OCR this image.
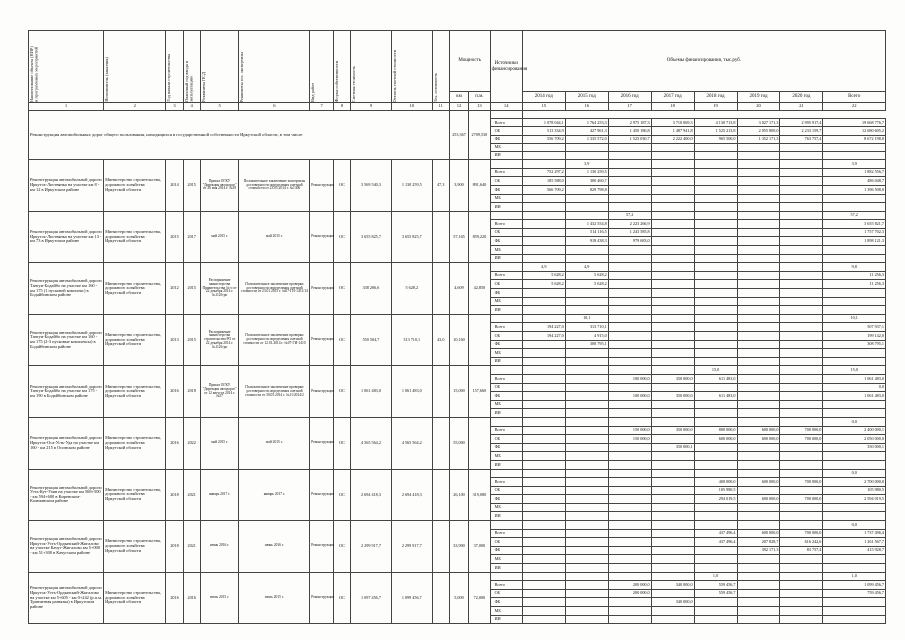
Наименование объекта (НИР) и программных мероприятий	Исполнитель (заказчик)	Год начала строительства	Плановый год ввода в эксплуатацию	Реквизиты ПСД	Реквизиты гос. экспертизы	Вид работ	Форма собственности	Сметная стоимость	Остаток сметной стоимости	Тех. готовность	Мощность		Источники финансирования	Объемы финансирования, тыс.руб.							
											км	п.м.		2014 год	2015 год	2016 год	2017 год	2018 год	2019 год	2020 год	Всего
1	2	3	4	5	6	7	8	9	10	11	12	13	14	15	16	17	18	19	20	21	22
Реконструкция автомобильных дорог общего пользования, находящихся в государственной собственности Иркутской области, в том числе											253,367	2709,530									
													Всего	1 078 044,1	1 764 253,3	2 975 187,3	3 710 069,3	4 130 713,8	3 027 171,3	2 995 917,4	19 668 776,7
													ОБ	513 334,9	427 961,3	1 450 186,8	1 487 941,8	1 525 213,8	2 055 800,0	2 233 159,7	12 680 605,2
													ФБ	556 709,2	1 335 572,0	1 525 030,7	2 222 400,0	965 500,0	1 352 171,3	763 757,4	8 672 198,8
													МБ								
													ИИ								
Реконструкция автомобильной дороги Иркутск-Листвянка на участке км 8 - км 12 в Иркутском районе	Министерство строительства, дорожного хозяйства Иркутской области	2014	2015	Приказ ОГКУ "Дирекция автодорог" от 26 мая 2014 г. №39	Положительное заключение экспертизы достоверности определения сметной стоимости от 23.05.2014 г. №1306	Реконструкция	ОС	3 569 540,3	1 130 259,5	47,3	3,900	891,640			3,9						3,9
													Всего	752 297,2	1 130 259,5						1 882 556,7
													ОБ	185 588,0	300 460,7						486 048,7
													ФБ	566 709,2	829 798,8						1 396 508,0
													МБ								
													ИИ								
Реконструкция автомобильной дороги Иркутск-Листвянка на участке км 13 - км 73 в Иркутском районе	Министерство строительства, дорожного хозяйства Иркутской области	2015	2017	май 2015 г.	май 2015 г.	Реконструкция	ОС	3 655 825,7	3 655 825,7		57,165	859,220				57,2					57,2
													Всего		1 432 554,8	2 223 266,9					3 655 821,7
													ОБ		514 116,5	1 243 585,8					1 757 702,3
													ФБ		918 438,3	979 683,0					1 898 121,3
													МБ								
													ИИ								
Реконструкция автомобильной дороги Тангуи-Бодайбо на участке км 160 - км 175 (1 пусковой комплекс) в Бодайбинском районе	Министерство строительства, дорожного хозяйства Иркутской области	2012	2015	Распоряжение министерства Правительства №-о от 22 декабря 2014 г. №1126-рп	Положительное заключение проверки достоверности определения сметной стоимости от 23.01.2015 г. №07-ГИ-1451/14	Реконструкция	ОС	338 206,6	5 628,2		4,609	42,850		4,9	4,9						9,8
													Всего	5 628,2	5 628,2						11 256,3
													ОБ	5 628,2	5 628,2						11 256,3
													ФБ								
													МБ								
													ИИ								
Реконструкция автомобильной дороги Тангуи-Бодайбо на участке км 160 - км 175 (2-3 пусковые комплексы) в Бодайбинском районе	Министерство строительства, дорожного хозяйства Иркутской области	2013	2015	Распоряжение министерства строительства РО от 22 декабря 2014 г. №1126-рп	Положительное заключение проверки достоверности определения сметной стоимости от 12.01.2014 г. №07-ГИ-1410	Реконструкция	ОС	550 504,7	313 710,1	43,0	10,160				10,1						10,1
													Всего	194 227,0	313 710,1						507 937,1
													ОБ	194 227,0	4 915,0						199 142,0
													ФБ		308 795,1						308 795,1
													МБ								
													ИИ								
Реконструкция автомобильной дороги Тангуи-Бодайбо на участке км 175 - км 190 в Бодайбинском районе	Министерство строительства, дорожного хозяйства Иркутской области	2016	2018	Приказ ОГКУ "Дирекция автодорог" от 12 августа 2014 г. №57	Положительное заключение проверки достоверности определения сметной стоимости от 30.05.2014 г. №11/2014/2	Реконструкция	ОС	1 061 483,0	1 061 483,0		15,000	157,660						15,0			15,0
													Всего			100 000,0	350 000,0	611 483,0			1 061 483,0
													ОБ								0,0
													ФБ			100 000,0	350 000,0	611 483,0			1 061 483,0
													МБ								
													ИИ								
Реконструкция автомобильной дороги Иркутск-Оса-Усть-Уда на участке км 160 - км 215 в Осинском районе	Министерство строительства, дорожного хозяйства Иркутской области	2016	2022	май 2015 г.	май 2015 г.	Реконструкция	ОС	4 565 564,2	4 565 564,2		55,000										0,0
													Всего			150 000,0	350 000,0	800 000,0	600 000,0	700 000,0	2 400 000,1
													ОБ			150 000,0		600 000,0	600 000,0	700 000,0	2 050 000,0
													ФБ				350 000,1				350 000,1
													МБ								
													ИИ								
Реконструкция автомобильной дороги Усть-Кут-Уоян на участке км 568+500 - км 594+600 в Киренском-Казачинском районе	Министерство строительства, дорожного хозяйства Иркутской области	2018	2021	январь 2017 г.	январь 2017 г.	Реконструкция	ОС	2 694 418,3	2 694 418,3		26,100	319,080									0,0
													Всего					400 000,0	600 000,0	700 000,0	2 700 000,0
													ОБ					105 980,5			105 980,5
													ФБ					294 019,5	600 000,0	700 000,0	2 594 019,5
													МБ								
													ИИ								
Реконструкция автомобильной дороги Иркутск-Усть-Ордынский-Жигалово на участке Качуг-Жигалово км 5+000 - км 51+300 в Качугском районе	Министерство строительства, дорожного хозяйства Иркутской области	2018	2021	июнь 2016 г.	июнь 2016 г.	Реконструкция	ОС	2 299 917,7	2 299 917,7		33,900	37,000									0,0
													Всего					437 496,4	600 000,0	700 000,0	1 737 496,4
													ОБ					437 496,4	207 828,7	616 242,6	1 261 567,7
													ФБ						392 171,3	83 757,4	415 928,7
													МБ								
													ИИ								
Реконструкция автомобильной дороги Иркутск-Усть-Ордынский-Жигалово на участке км 5+605 - км 0+242 (р.п.м. Транзитная развязка) в Иркутском районе	Министерство строительства, дорожного хозяйства Иркутской области	2016	2016	июль 2015 г.	июль 2015 г.	Реконструкция	ОС	1 097 456,7	1 099 456,7		5,000	72,000						1,0			1,0
													Всего			200 000,0	340 000,0	559 456,7			1 099 456,7
													ОБ			200 000,0		559 456,7			759 456,7
													ФБ				340 000,0				
													МБ								
													ИИ								
